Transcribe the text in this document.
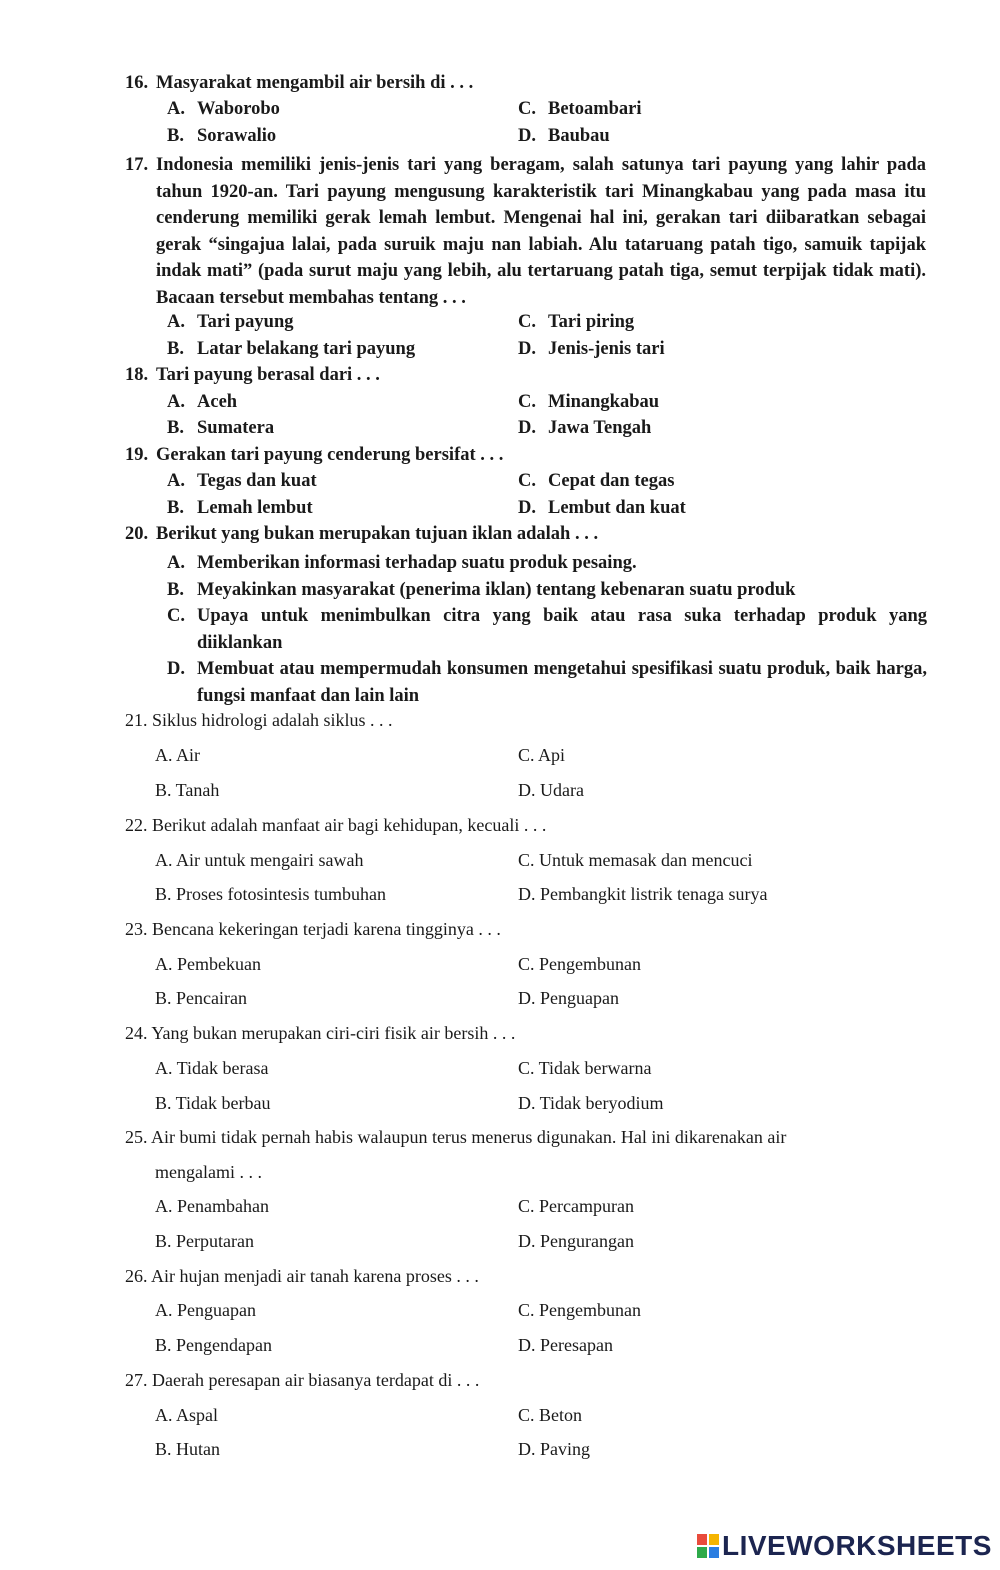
16. Masyarakat mengambil air bersih di . . .
A. Waborobo	C. Betoambari
B. Sorawalio	D. Baubau
17. Indonesia memiliki jenis-jenis tari yang beragam, salah satunya tari payung yang lahir pada tahun 1920-an. Tari payung mengusung karakteristik tari Minangkabau yang pada masa itu cenderung memiliki gerak lemah lembut. Mengenai hal ini, gerakan tari diibaratkan sebagai gerak “singajua lalai, pada suruik maju nan labiah. Alu tataruang patah tigo, samuik tapijak indak mati” (pada surut maju yang lebih, alu tertaruang patah tiga, semut terpijak tidak mati). Bacaan tersebut membahas tentang . . .
A. Tari payung	C. Tari piring
B. Latar belakang tari payung	D. Jenis-jenis tari
18. Tari payung berasal dari . . .
A. Aceh	C. Minangkabau
B. Sumatera	D. Jawa Tengah
19. Gerakan tari payung cenderung bersifat . . .
A. Tegas dan kuat	C. Cepat dan tegas
B. Lemah lembut	D. Lembut dan kuat
20. Berikut yang bukan merupakan tujuan iklan adalah . . .
A. Memberikan informasi terhadap suatu produk pesaing.
B. Meyakinkan masyarakat (penerima iklan) tentang kebenaran suatu produk
C. Upaya untuk menimbulkan citra yang baik atau rasa suka terhadap produk yang diiklankan
D. Membuat atau mempermudah konsumen mengetahui spesifikasi suatu produk, baik harga, fungsi manfaat dan lain lain
21. Siklus hidrologi adalah siklus . . .
A. Air	C. Api
B. Tanah	D. Udara
22. Berikut adalah manfaat air bagi kehidupan, kecuali . . .
A. Air untuk mengairi sawah	C. Untuk memasak dan mencuci
B. Proses fotosintesis tumbuhan	D. Pembangkit listrik tenaga surya
23. Bencana kekeringan terjadi karena tingginya . . .
A. Pembekuan	C. Pengembunan
B. Pencairan	D. Penguapan
24. Yang bukan merupakan ciri-ciri fisik air bersih . . .
A. Tidak berasa	C. Tidak berwarna
B. Tidak berbau	D. Tidak beryodium
25. Air bumi tidak pernah habis walaupun terus menerus digunakan. Hal ini dikarenakan air
mengalami . . .
A. Penambahan	C. Percampuran
B. Perputaran	D. Pengurangan
26. Air hujan menjadi air tanah karena proses . . .
A. Penguapan	C. Pengembunan
B. Pengendapan	D. Peresapan
27. Daerah peresapan air biasanya terdapat di . . .
A. Aspal	C. Beton
B. Hutan	D. Paving
LIVEWORKSHEETS
